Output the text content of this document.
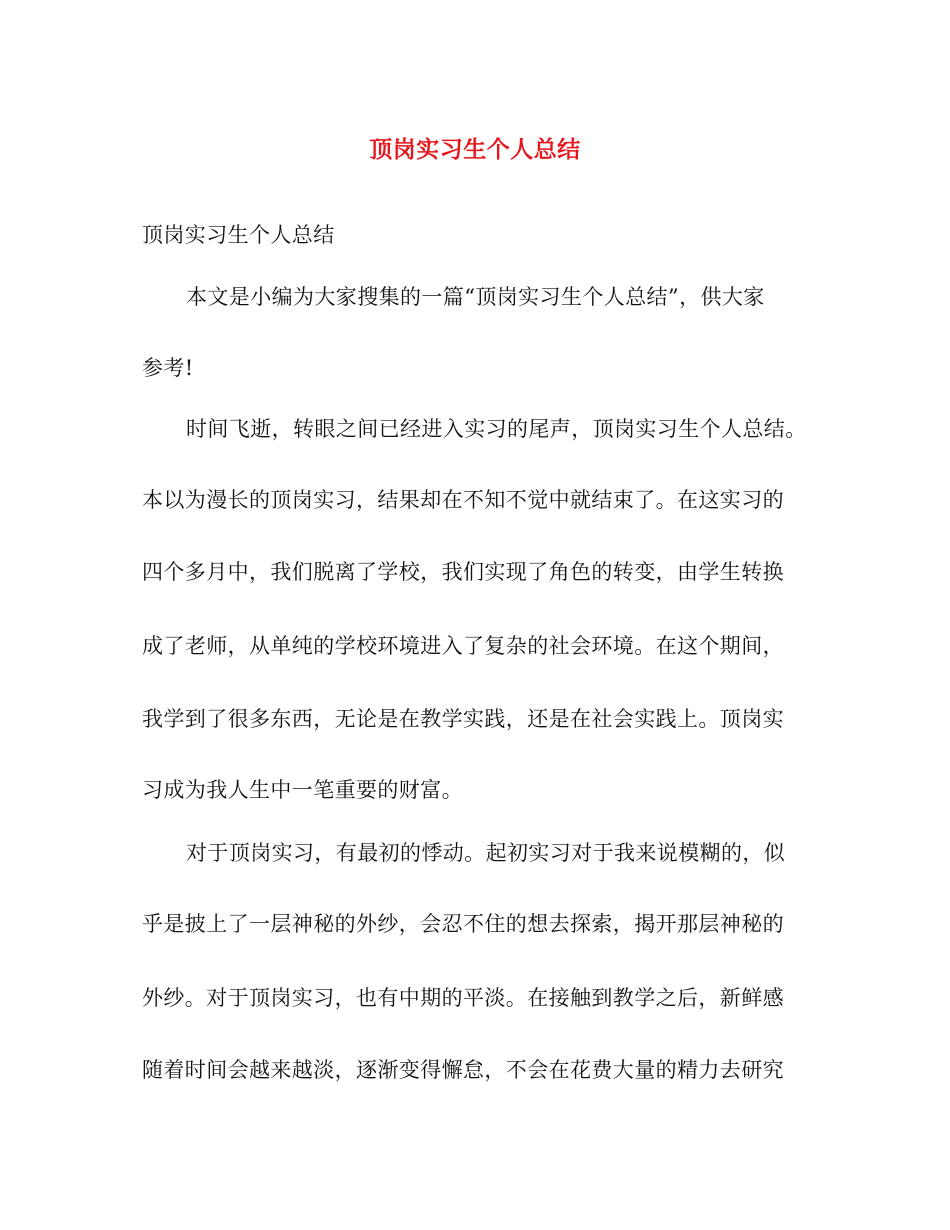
顶岗实习生个人总结
顶岗实习生个人总结
本文是小编为大家搜集的一篇“顶岗实习生个人总结”，供大家
参考!
时间飞逝，转眼之间已经进入实习的尾声，顶岗实习生个人总结。
本以为漫长的顶岗实习，结果却在不知不觉中就结束了。在这实习的
四个多月中，我们脱离了学校，我们实现了角色的转变，由学生转换
成了老师，从单纯的学校环境进入了复杂的社会环境。在这个期间，
我学到了很多东西，无论是在教学实践，还是在社会实践上。顶岗实
习成为我人生中一笔重要的财富。
对于顶岗实习，有最初的悸动。起初实习对于我来说模糊的，似
乎是披上了一层神秘的外纱，会忍不住的想去探索，揭开那层神秘的
外纱。对于顶岗实习，也有中期的平淡。在接触到教学之后，新鲜感
随着时间会越来越淡，逐渐变得懈怠，不会在花费大量的精力去研究
